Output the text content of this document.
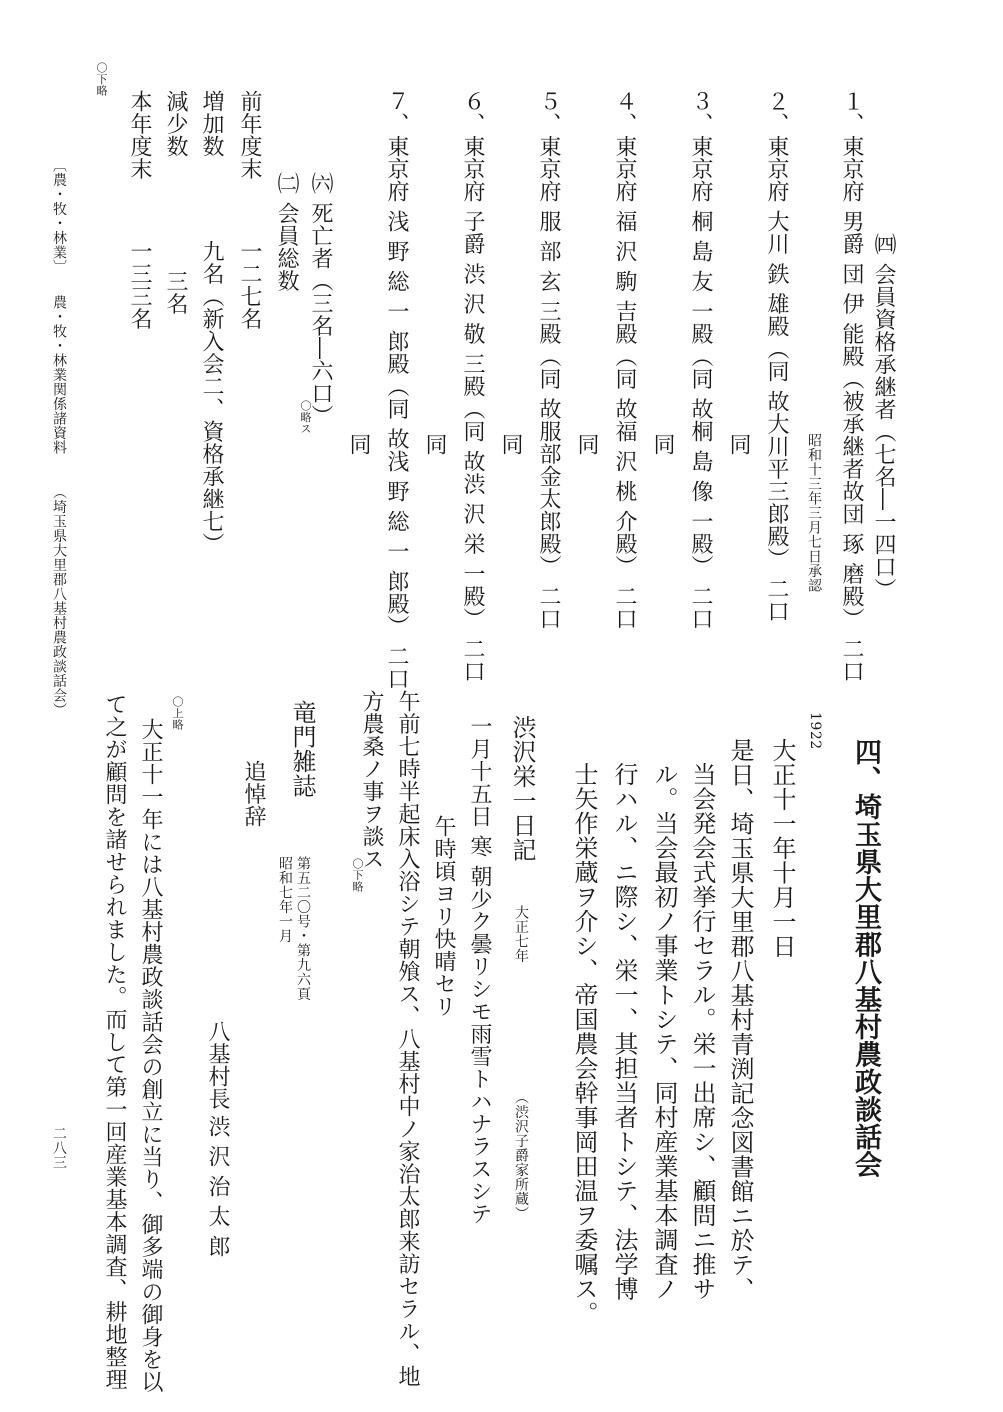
㈣ 会員資格承継者（七名―一四口）
１、東京府 男爵 団 伊 能殿（被承継者故団 琢 磨殿） 二口
昭和十三年三月七日承認
２、東京府 大川 鉄 雄殿（同 故大川平三郎殿） 二口
同
３、東京府 桐 島 友 一殿（同 故桐 島 像 一殿） 二口
同
４、東京府 福 沢 駒 吉殿（同 故福 沢 桃 介殿） 二口
同
５、東京府 服 部 玄 三殿（同 故服部金太郎殿） 二口
同
６、東京府 子爵 渋 沢 敬 三殿（同 故渋 沢 栄 一殿） 二口
同
７、東京府 浅 野 総 一 郎殿（同 故浅 野 総 一 郎殿） 二口
同
㈥ 死亡者（三名―六口）
〇略ス
㈡ 会員総数
前年度末
一二七名
増加数
九名（新入会二、資格承継七）
減少数
三名
本年度末
一三三名
〇下略
〔農・牧・林業〕
農・牧・林業関係諸資料
（埼玉県大里郡八基村農政談話会）
四、埼玉県大里郡八基村農政談話会
1922
大正十一年十月一日
是日、埼玉県大里郡八基村青渕記念図書館ニ於テ、
当会発会式挙行セラル。栄一出席シ、顧問ニ推サ
ル。当会最初ノ事業トシテ、同村産業基本調査ノ
行ハル、ニ際シ、栄一、其担当者トシテ、法学博
士矢作栄蔵ヲ介シ、帝国農会幹事岡田温ヲ委嘱ス。
渋沢栄一日記
大正七年
（渋沢子爵家所蔵）
一月十五日 寒 朝少ク曇リシモ雨雪トハナラスシテ
午時頃ヨリ快晴セリ
午前七時半起床入浴シテ朝飧ス、八基村中ノ家治太郎来訪セラル、地
方農桑ノ事ヲ談ス
〇下略
竜門雑誌
第五二〇号・第九六頁
昭和七年一月
追悼辞
八基村長
渋沢治太郎
〇上略
大正十一年には八基村農政談話会の創立に当り、御多端の御身を以
て之が顧問を諸せられました。而して第一回産業基本調査、耕地整理
二八三
